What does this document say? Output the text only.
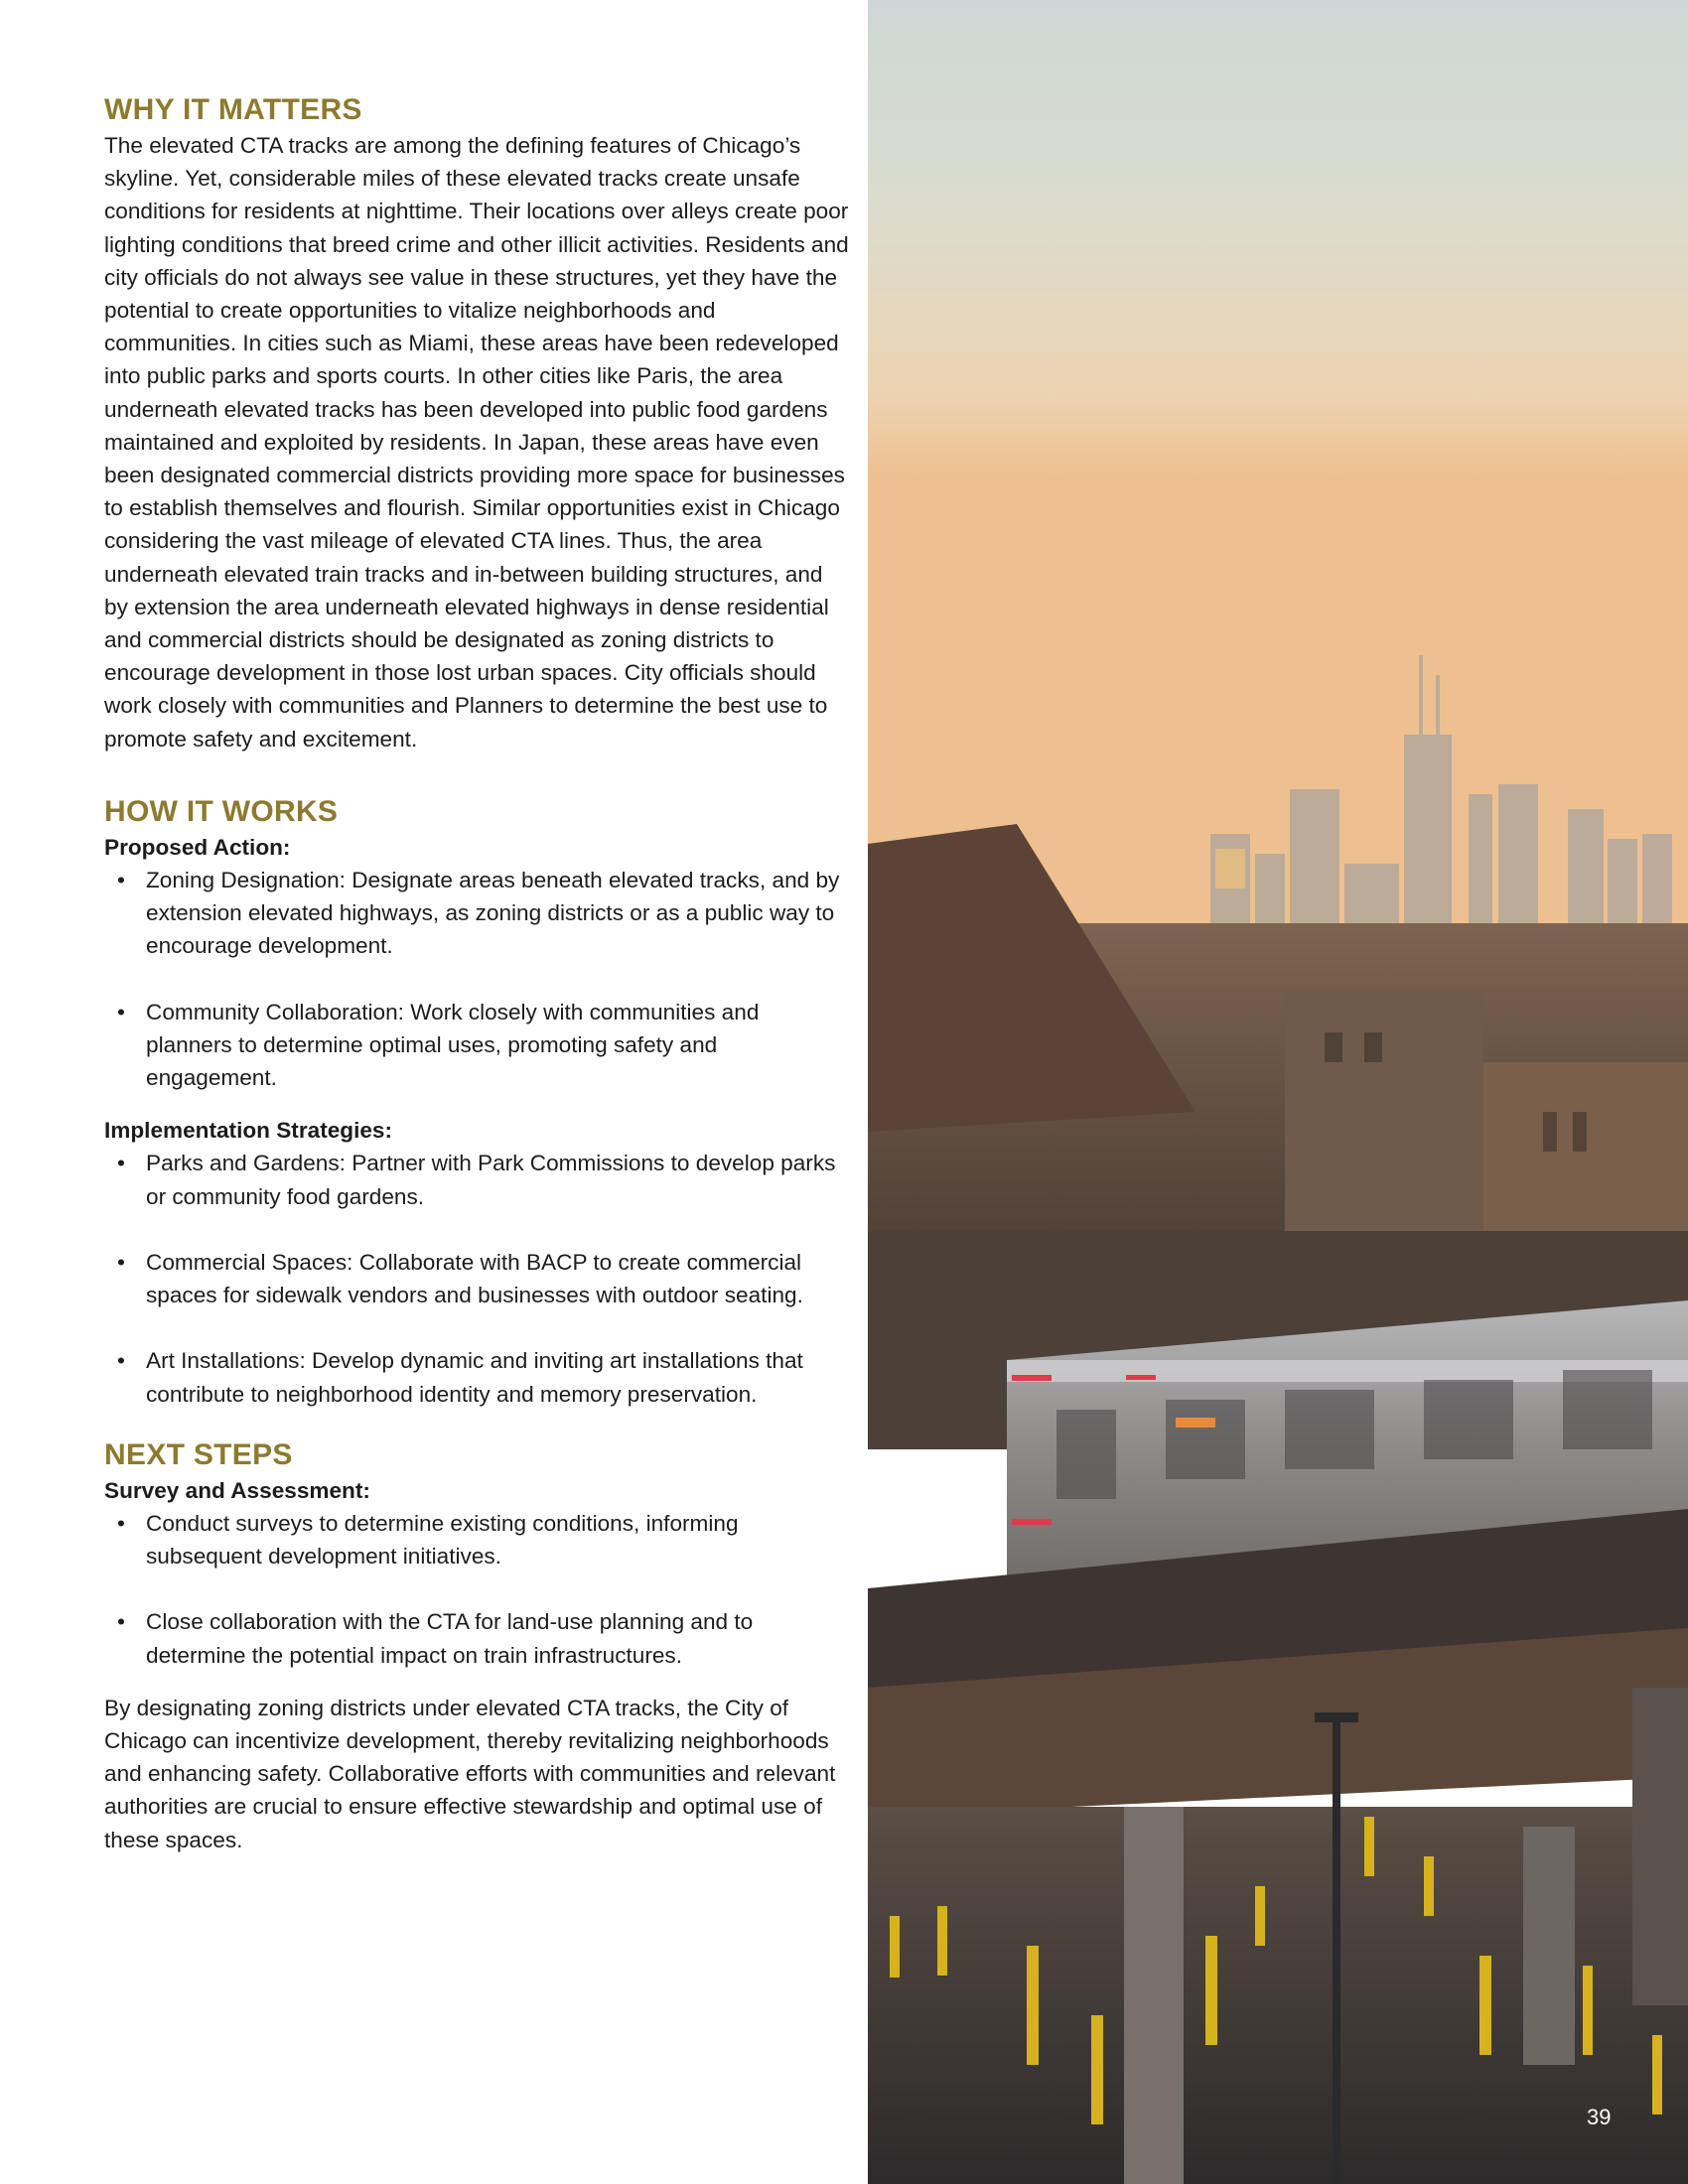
WHY IT MATTERS

The elevated CTA tracks are among the defining features of Chicago’s skyline. Yet, considerable miles of these elevated tracks create unsafe conditions for residents at nighttime. Their locations over alleys create poor lighting conditions that breed crime and other illicit activities. Residents and city officials do not always see value in these structures, yet they have the potential to create opportunities to vitalize neighborhoods and communities. In cities such as Miami, these areas have been redeveloped into public parks and sports courts. In other cities like Paris, the area underneath elevated tracks has been developed into public food gardens maintained and exploited by residents. In Japan, these areas have even been designated commercial districts providing more space for businesses to establish themselves and flourish. Similar opportunities exist in Chicago considering the vast mileage of elevated CTA lines. Thus, the area underneath elevated train tracks and in-between building structures, and by extension the area underneath elevated highways in dense residential and commercial districts should be designated as zoning districts to encourage development in those lost urban spaces. City officials should work closely with communities and Planners to determine the best use to promote safety and excitement.

HOW IT WORKS

Proposed Action:

• Zoning Designation: Designate areas beneath elevated tracks, and by extension elevated highways, as zoning districts or as a public way to encourage development.
• Community Collaboration: Work closely with communities and planners to determine optimal uses, promoting safety and engagement.

Implementation Strategies:

• Parks and Gardens: Partner with Park Commissions to develop parks or community food gardens.
• Commercial Spaces: Collaborate with BACP to create commercial spaces for sidewalk vendors and businesses with outdoor seating.
• Art Installations: Develop dynamic and inviting art installations that contribute to neighborhood identity and memory preservation.
NEXT STEPS

Survey and Assessment:

• Conduct surveys to determine existing conditions, informing subsequent development initiatives.
• Close collaboration with the CTA for land-use planning and to determine the potential impact on train infrastructures.

By designating zoning districts under elevated CTA tracks, the City of Chicago can incentivize development, thereby revitalizing neighborhoods and enhancing safety. Collaborative efforts with communities and relevant authorities are crucial to ensure effective stewardship and optimal use of these spaces.

39
